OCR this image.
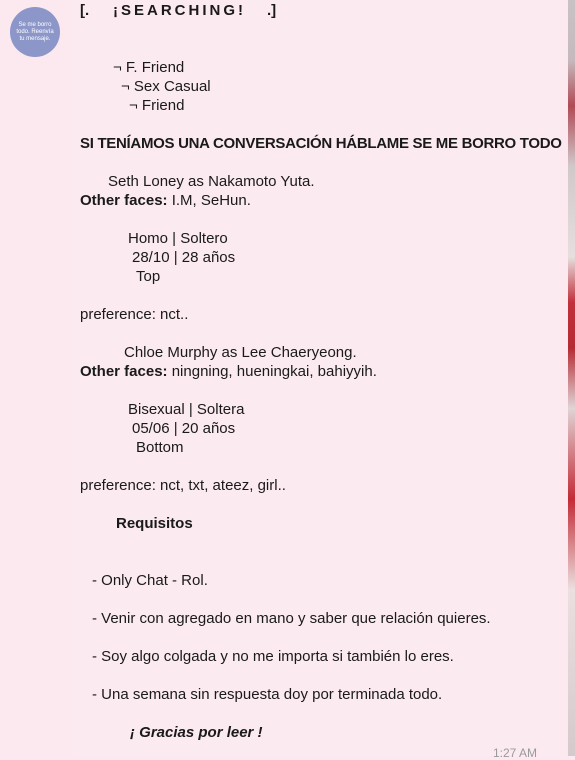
Se me borro todo. Reenvía tu mensaje.
[. ¡SEARCHING! .]
¬ F. Friend
¬ Sex Casual
¬ Friend
SI TENÍAMOS UNA CONVERSACIÓN HÁBLAME SE ME BORRO TODO
Seth Loney as Nakamoto Yuta.
Other faces: I.M, SeHun.
Homo | Soltero
28/10 | 28 años
Top
preference: nct..
Chloe Murphy as Lee Chaeryeong.
Other faces: ningning, hueningkai, bahiyyih.
Bisexual | Soltera
05/06 | 20 años
Bottom
preference: nct, txt, ateez, girl..
Requisitos
- Only Chat - Rol.
- Venir con agregado en mano y saber que relación quieres.
- Soy algo colgada y no me importa si también lo eres.
- Una semana sin respuesta doy por terminada todo.
¡ Gracias por leer !
1:27 AM
